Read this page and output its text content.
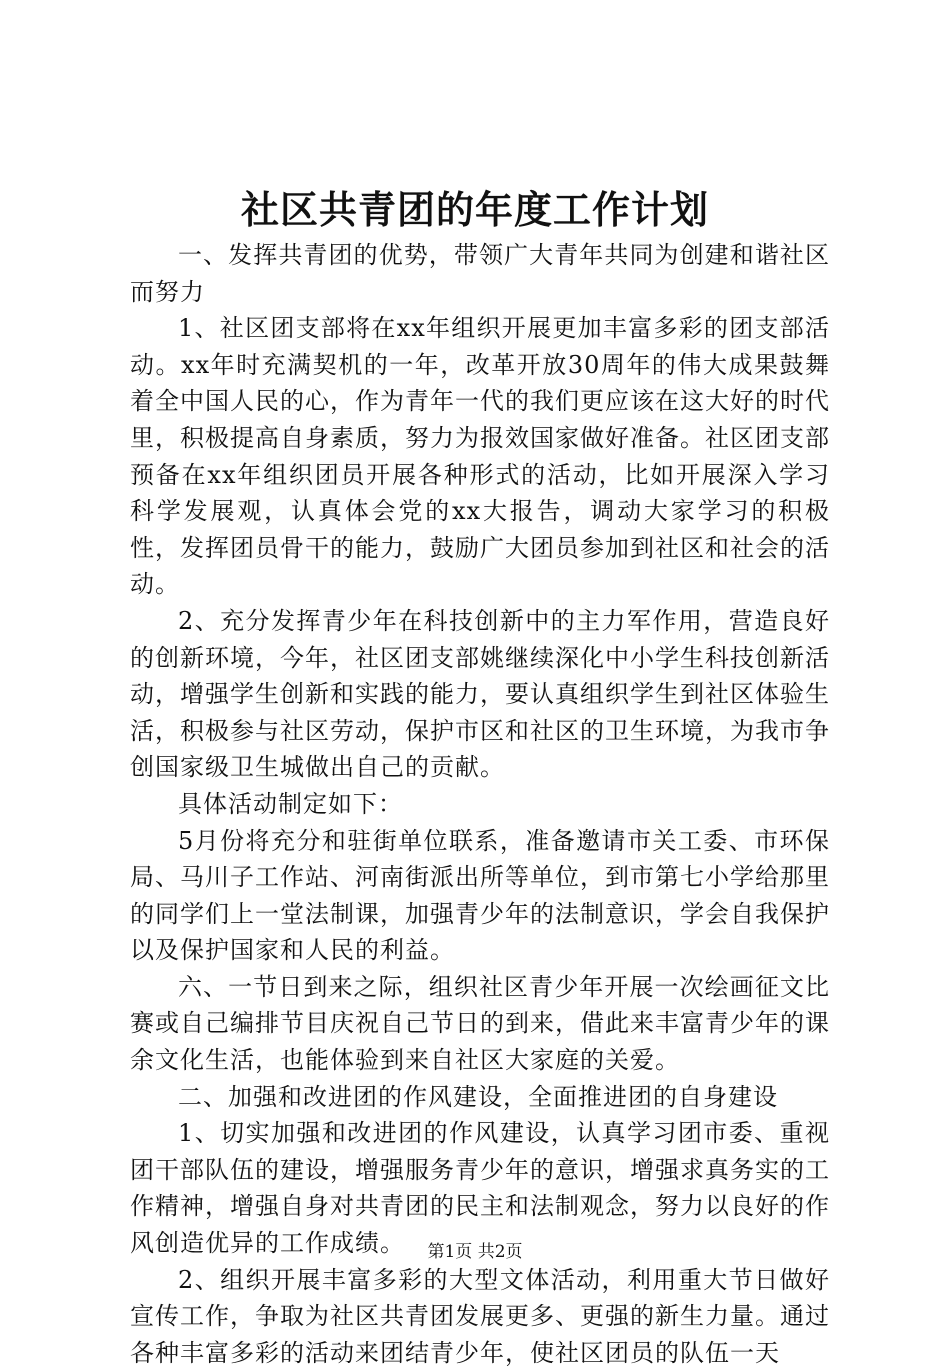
社区共青团的年度工作计划

一、发挥共青团的优势，带领广大青年共同为创建和谐社区而努力

1、社区团支部将在xx年组织开展更加丰富多彩的团支部活动。xx年时充满契机的一年，改革开放30周年的伟大成果鼓舞着全中国人民的心，作为青年一代的我们更应该在这大好的时代里，积极提高自身素质，努力为报效国家做好准备。社区团支部预备在xx年组织团员开展各种形式的活动，比如开展深入学习科学发展观，认真体会党的xx大报告，调动大家学习的积极性，发挥团员骨干的能力，鼓励广大团员参加到社区和社会的活动。

2、充分发挥青少年在科技创新中的主力军作用，营造良好的创新环境，今年，社区团支部姚继续深化中小学生科技创新活动，增强学生创新和实践的能力，要认真组织学生到社区体验生活，积极参与社区劳动，保护市区和社区的卫生环境，为我市争创国家级卫生城做出自己的贡献。

具体活动制定如下：

5月份将充分和驻街单位联系，准备邀请市关工委、市环保局、马川子工作站、河南街派出所等单位，到市第七小学给那里的同学们上一堂法制课，加强青少年的法制意识，学会自我保护以及保护国家和人民的利益。

六、一节日到来之际，组织社区青少年开展一次绘画征文比赛或自己编排节目庆祝自己节日的到来，借此来丰富青少年的课余文化生活，也能体验到来自社区大家庭的关爱。

二、加强和改进团的作风建设，全面推进团的自身建设

1、切实加强和改进团的作风建设，认真学习团市委、重视团干部队伍的建设，增强服务青少年的意识，增强求真务实的工作精神，增强自身对共青团的民主和法制观念，努力以良好的作风创造优异的工作成绩。

2、组织开展丰富多彩的大型文体活动，利用重大节日做好宣传工作，争取为社区共青团发展更多、更强的新生力量。通过各种丰富多彩的活动来团结青少年，使社区团员的队伍一天

第1页 共2页
